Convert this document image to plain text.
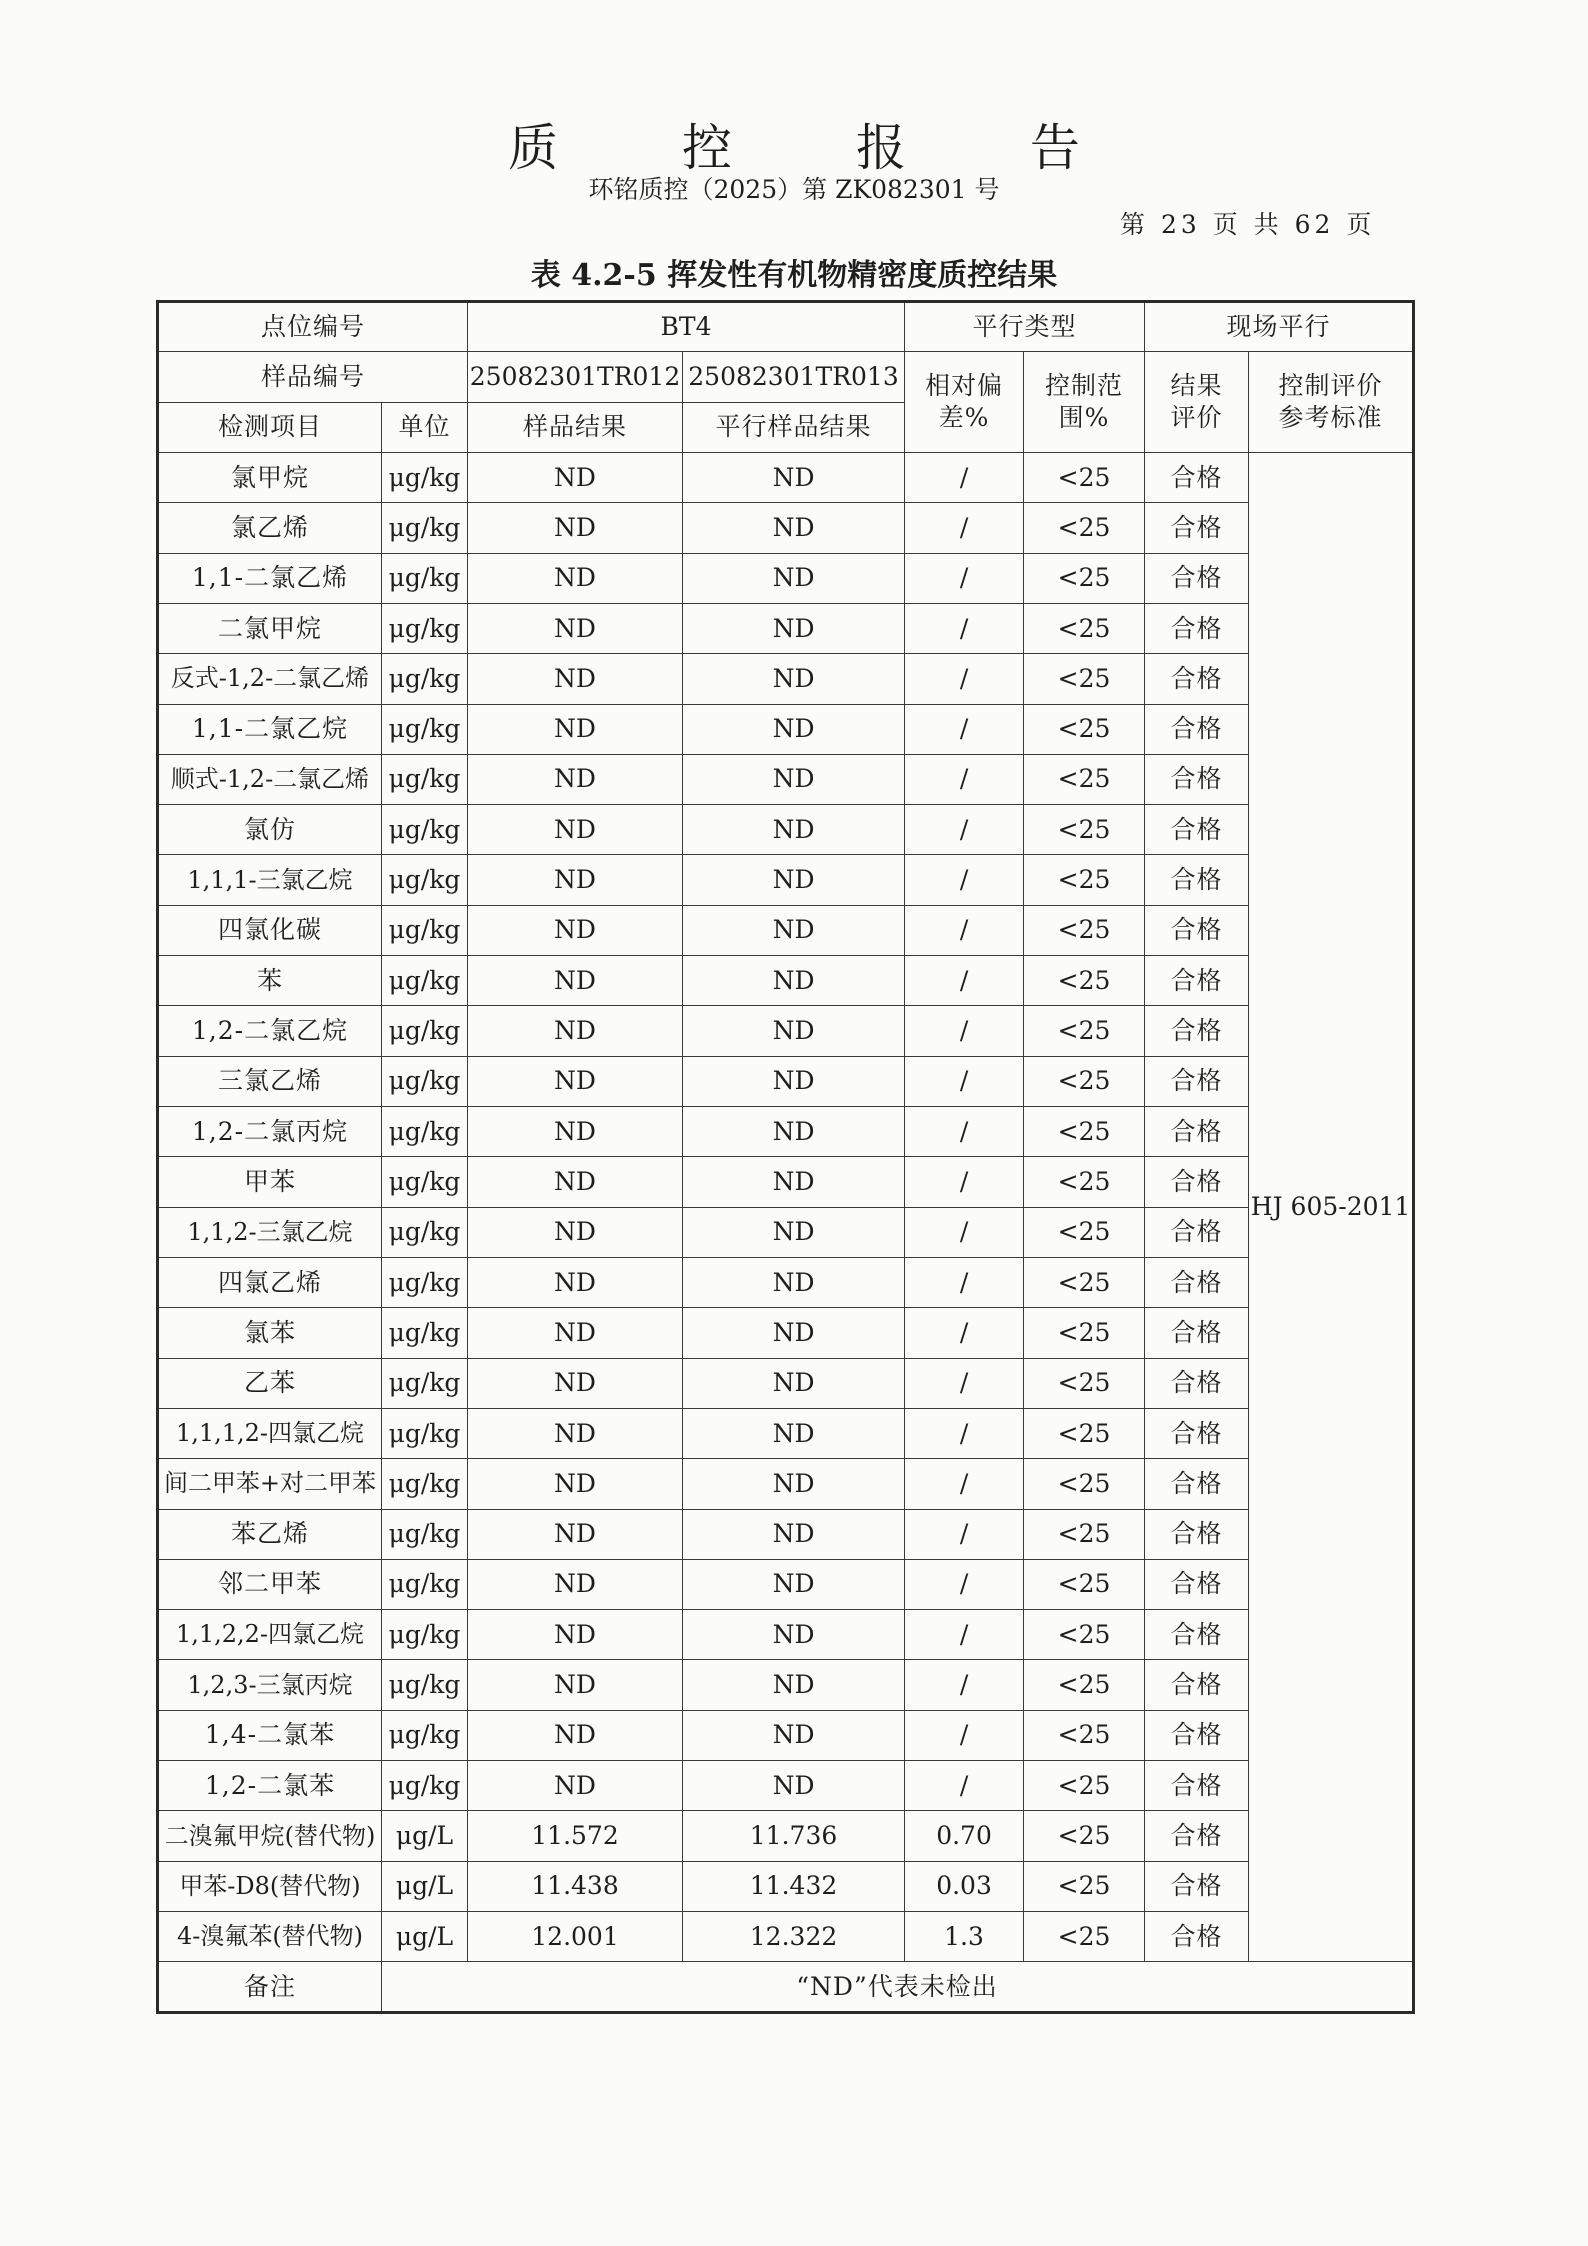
质 控 报 告
环铭质控（2025）第 ZK082301 号
第 23 页 共 62 页
表 4.2-5 挥发性有机物精密度质控结果
点位编号		BT4		平行类型		现场平行	
样品编号		25082301TR012	25082301TR013	相对偏差%	控制范围%	结果评价	控制评价参考标准
检测项目	单位	样品结果	平行样品结果				
氯甲烷	μg/kg	ND	ND	/	<25	合格	HJ 605-2011
氯乙烯	μg/kg	ND	ND	/	<25	合格	
1,1-二氯乙烯	μg/kg	ND	ND	/	<25	合格	
二氯甲烷	μg/kg	ND	ND	/	<25	合格	
反式-1,2-二氯乙烯	μg/kg	ND	ND	/	<25	合格	
1,1-二氯乙烷	μg/kg	ND	ND	/	<25	合格	
顺式-1,2-二氯乙烯	μg/kg	ND	ND	/	<25	合格	
氯仿	μg/kg	ND	ND	/	<25	合格	
1,1,1-三氯乙烷	μg/kg	ND	ND	/	<25	合格	
四氯化碳	μg/kg	ND	ND	/	<25	合格	
苯	μg/kg	ND	ND	/	<25	合格	
1,2-二氯乙烷	μg/kg	ND	ND	/	<25	合格	
三氯乙烯	μg/kg	ND	ND	/	<25	合格	
1,2-二氯丙烷	μg/kg	ND	ND	/	<25	合格	
甲苯	μg/kg	ND	ND	/	<25	合格	
1,1,2-三氯乙烷	μg/kg	ND	ND	/	<25	合格	
四氯乙烯	μg/kg	ND	ND	/	<25	合格	
氯苯	μg/kg	ND	ND	/	<25	合格	
乙苯	μg/kg	ND	ND	/	<25	合格	
1,1,1,2-四氯乙烷	μg/kg	ND	ND	/	<25	合格	
间二甲苯+对二甲苯	μg/kg	ND	ND	/	<25	合格	
苯乙烯	μg/kg	ND	ND	/	<25	合格	
邻二甲苯	μg/kg	ND	ND	/	<25	合格	
1,1,2,2-四氯乙烷	μg/kg	ND	ND	/	<25	合格	
1,2,3-三氯丙烷	μg/kg	ND	ND	/	<25	合格	
1,4-二氯苯	μg/kg	ND	ND	/	<25	合格	
1,2-二氯苯	μg/kg	ND	ND	/	<25	合格	
二溴氟甲烷(替代物)	μg/L	11.572	11.736	0.70	<25	合格	
甲苯-D8(替代物)	μg/L	11.438	11.432	0.03	<25	合格	
4-溴氟苯(替代物)	μg/L	12.001	12.322	1.3	<25	合格	
备注	“ND”代表未检出						
